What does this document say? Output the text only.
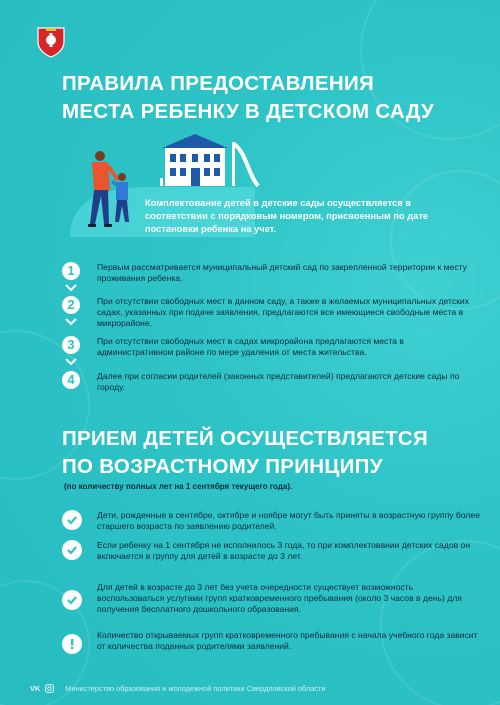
ПРАВИЛА ПРЕДОСТАВЛЕНИЯ
МЕСТА РЕБЕНКУ В ДЕТСКОМ САДУ
Комплектование детей в детские сады осуществляется в соответствии с порядковым номером, присвоенным по дате постановки ребенка на учет.
1	Первым рассматривается муниципальный детский сад по закрепленной территории к месту проживания ребенка.
2	При отсутствии свободных мест в данном саду, а также в желаемых муниципальных детских садах, указанных при подаче заявления, предлагаются все имеющиеся свободные места в микрорайоне.
3	При отсутствии свободных мест в садах микрорайона предлагаются места в административном районе по мере удаления от места жительства.
4	Далее при согласии родителей (законных представителей) предлагаются детские сады по городу.
ПРИЕМ ДЕТЕЙ ОСУЩЕСТВЛЯЕТСЯ
ПО ВОЗРАСТНОМУ ПРИНЦИПУ
(по количеству полных лет на 1 сентября текущего года).
Дети, рожденные в сентябре, октябре и ноябре могут быть приняты в возрастную группу более старшего возраста по заявлению родителей.
Если ребенку на 1 сентября не исполнилось 3 года, то при комплектовании детских садов он включается в группу для детей в возрасте до 3 лет.
Для детей в возрасте до 3 лет без учета очередности существует возможность воспользоваться услугами групп кратковременного пребывания (около 3 часов в день) для получения бесплатного дошкольного образования.
Количество открываемых групп кратковременного пребывания с начала учебного года зависит от количества поданных родителями заявлений.
VK	Министерство образования и молодежной политики Свердловской области
